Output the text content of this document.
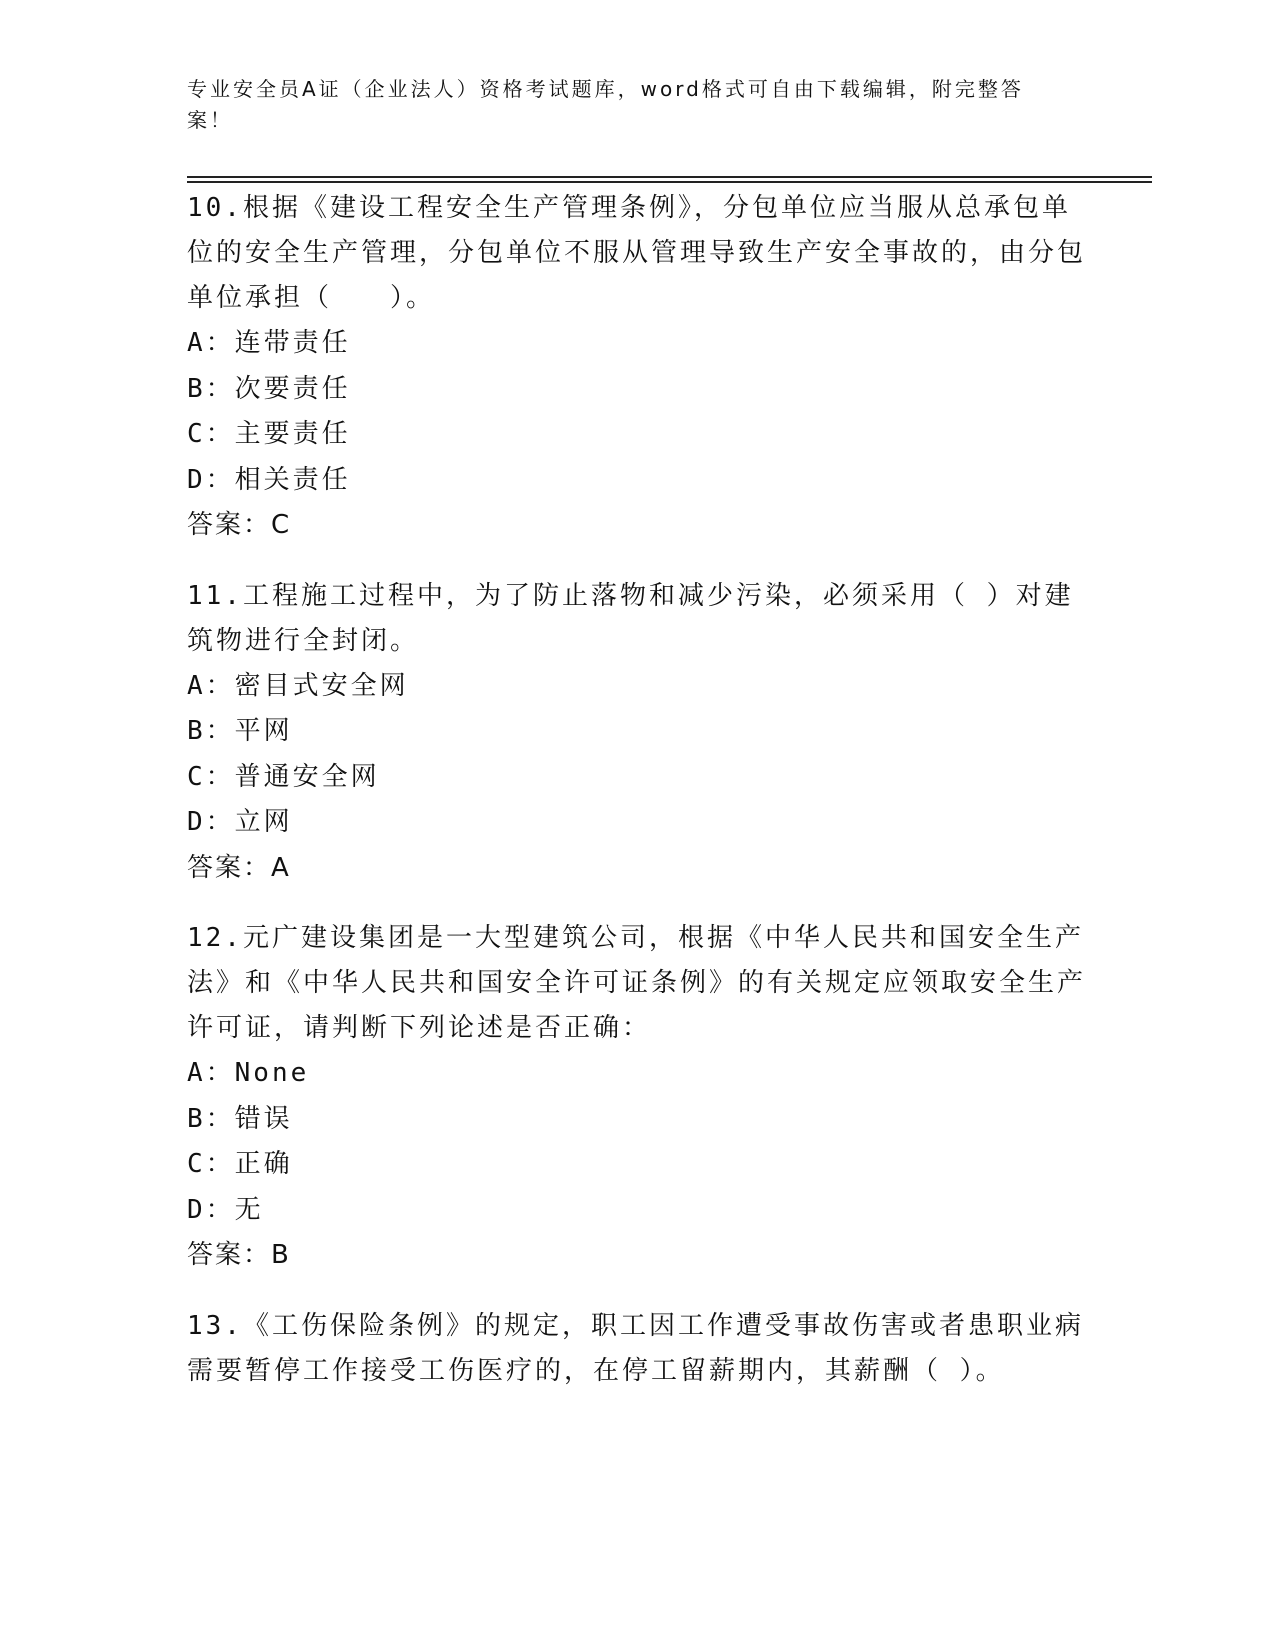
专业安全员A证（企业法人）资格考试题库，word格式可自由下载编辑，附完整答案！

10.根据《建设工程安全生产管理条例》，分包单位应当服从总承包单位的安全生产管理，分包单位不服从管理导致生产安全事故的，由分包单位承担（　　）。

A：连带责任
B：次要责任
C：主要责任
D：相关责任
答案：C

11.工程施工过程中，为了防止落物和减少污染，必须采用（ ）对建筑物进行全封闭。

A：密目式安全网
B：平网
C：普通安全网
D：立网
答案：A

12.元广建设集团是一大型建筑公司，根据《中华人民共和国安全生产法》和《中华人民共和国安全许可证条例》的有关规定应领取安全生产许可证，请判断下列论述是否正确：

A：None
B：错误
C：正确
D：无
答案：B

13.《工伤保险条例》的规定，职工因工作遭受事故伤害或者患职业病需要暂停工作接受工伤医疗的，在停工留薪期内，其薪酬（ ）。
